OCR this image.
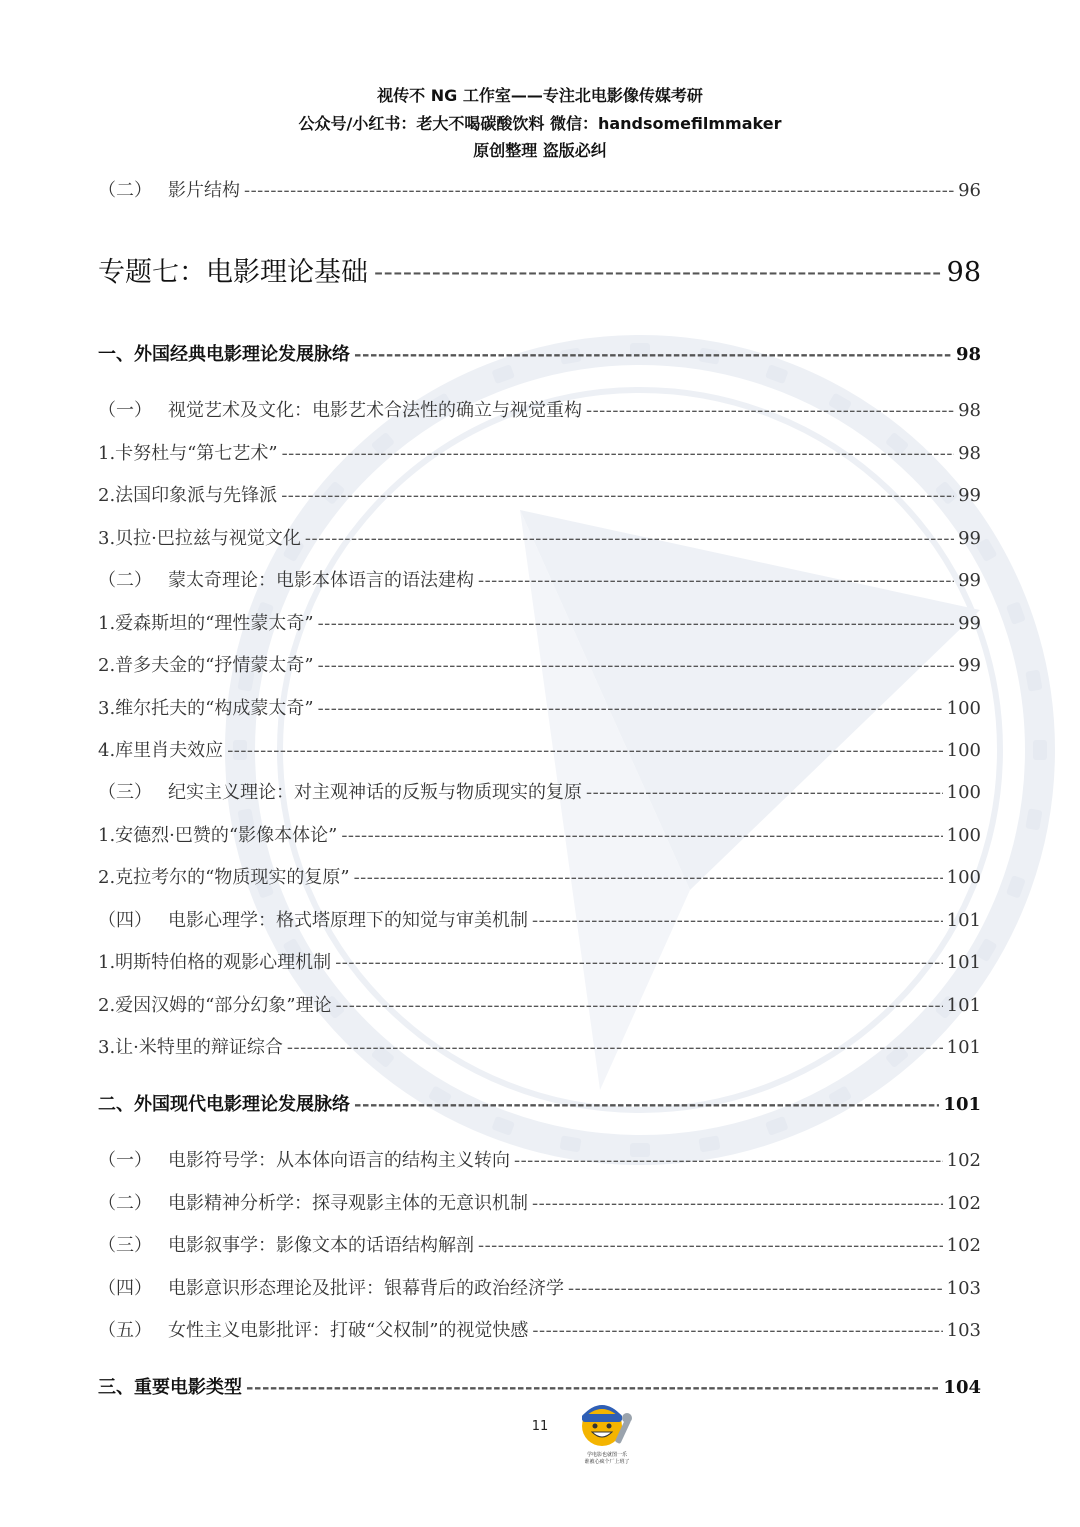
视传不 NG 工作室——专注北电影像传媒考研
公众号/小红书：老大不喝碳酸饮料 微信：handsomefilmmaker
原创整理 盗版必纠
（二） 影片结构 -----	96
专题七：电影理论基础 -----	98
一、外国经典电影理论发展脉络 -----	98
（一） 视觉艺术及文化：电影艺术合法性的确立与视觉重构 -----	98
1.卡努杜与“第七艺术” -----	98
2.法国印象派与先锋派 -----	99
3.贝拉·巴拉兹与视觉文化 -----	99
（二） 蒙太奇理论：电影本体语言的语法建构 -----	99
1.爱森斯坦的“理性蒙太奇” -----	99
2.普多夫金的“抒情蒙太奇” -----	99
3.维尔托夫的“构成蒙太奇” -----	100
4.库里肖夫效应 -----	100
（三） 纪实主义理论：对主观神话的反叛与物质现实的复原 -----	100
1.安德烈·巴赞的“影像本体论” -----	100
2.克拉考尔的“物质现实的复原” -----	100
（四） 电影心理学：格式塔原理下的知觉与审美机制 -----	101
1.明斯特伯格的观影心理机制 -----	101
2.爱因汉姆的“部分幻象”理论 -----	101
3.让·米特里的辩证综合 -----	101
二、外国现代电影理论发展脉络 -----	101
（一） 电影符号学：从本体向语言的结构主义转向 -----	102
（二） 电影精神分析学：探寻观影主体的无意识机制 -----	102
（三） 电影叙事学：影像文本的话语结构解剖 -----	102
（四） 电影意识形态理论及批评：银幕背后的政治经济学 -----	103
（五） 女性主义电影批评：打破“父权制”的视觉快感 -----	103
三、重要电影类型 -----	104
11
学电影也就图一乐
谁被心疯个厂上班了
